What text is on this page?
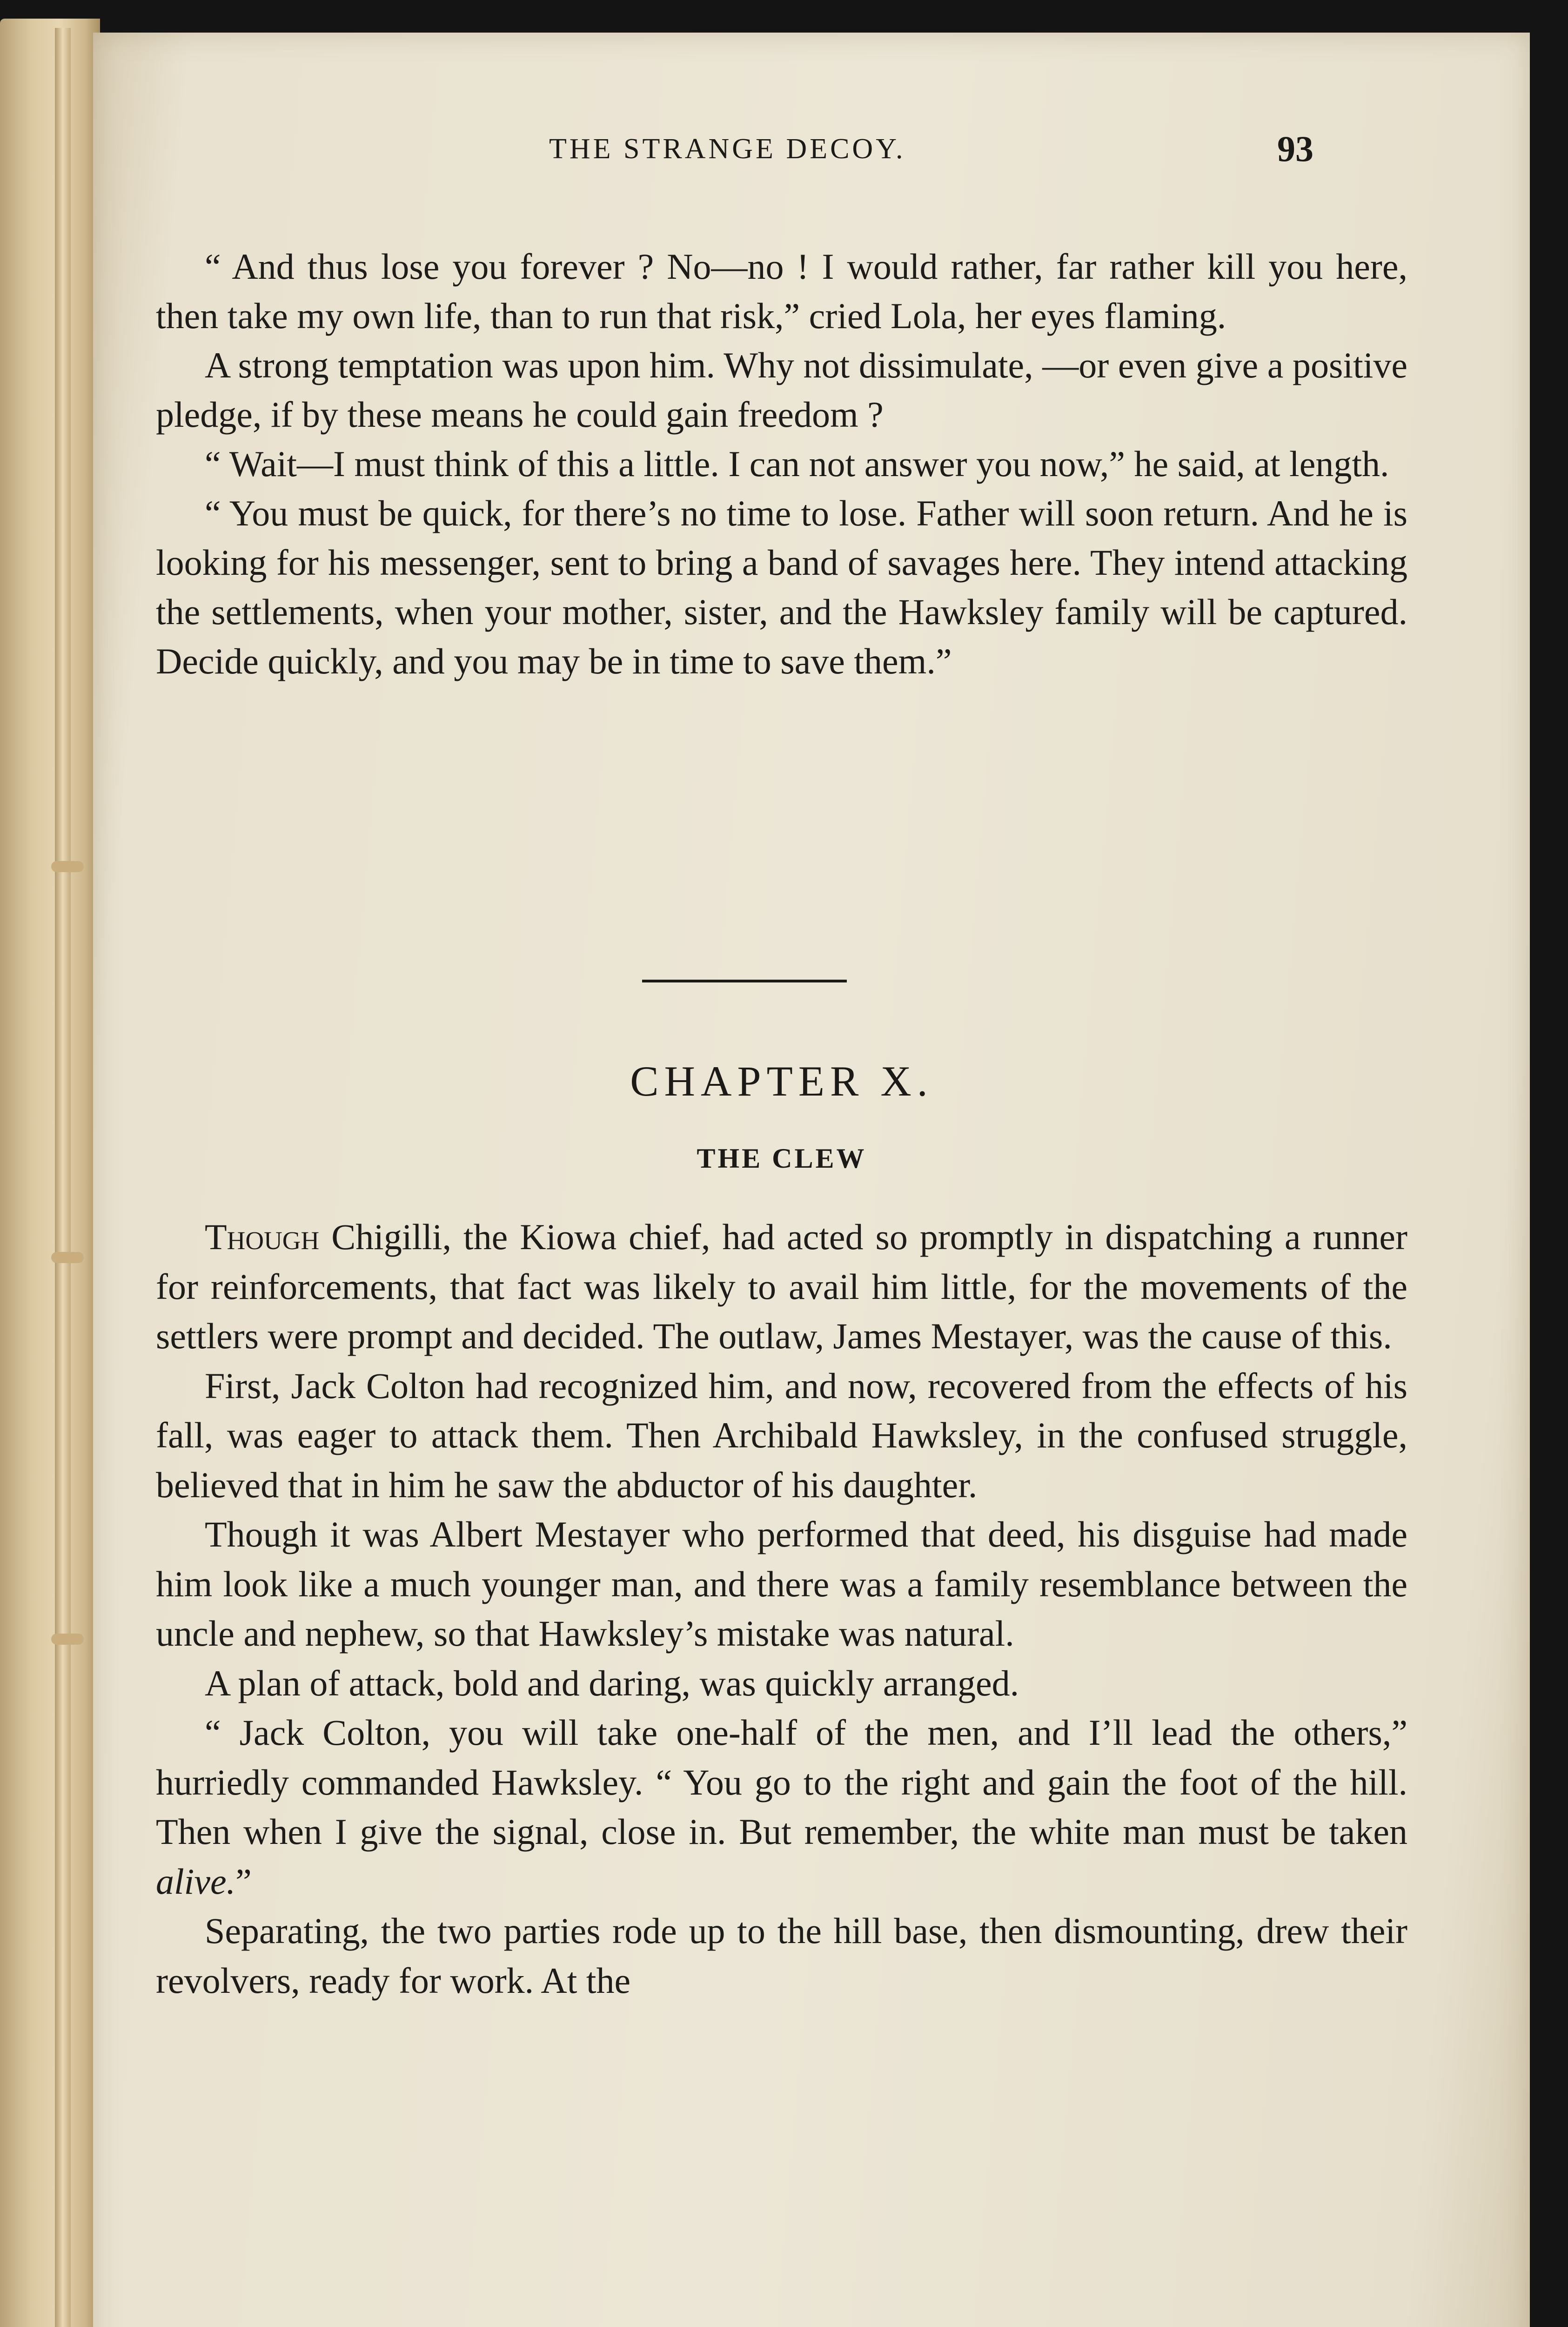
THE STRANGE DECOY.	93

“ And thus lose you forever ? No—no ! I would rather, far rather kill you here, then take my own life, than to run that risk,” cried Lola, her eyes flaming.

A strong temptation was upon him. Why not dissimulate, —or even give a positive pledge, if by these means he could gain freedom ?

“ Wait—I must think of this a little. I can not answer you now,” he said, at length.

“ You must be quick, for there’s no time to lose. Father will soon return. And he is looking for his messenger, sent to bring a band of savages here. They intend attacking the settlements, when your mother, sister, and the Hawksley family will be captured. Decide quickly, and you may be in time to save them.”

CHAPTER X.
THE CLEW

Though Chigilli, the Kiowa chief, had acted so promptly in dispatching a runner for reinforcements, that fact was likely to avail him little, for the movements of the settlers were prompt and decided. The outlaw, James Mestayer, was the cause of this.

First, Jack Colton had recognized him, and now, recovered from the effects of his fall, was eager to attack them. Then Archibald Hawksley, in the confused struggle, believed that in him he saw the abductor of his daughter.

Though it was Albert Mestayer who performed that deed, his disguise had made him look like a much younger man, and there was a family resemblance between the uncle and nephew, so that Hawksley’s mistake was natural.

A plan of attack, bold and daring, was quickly arranged.

“ Jack Colton, you will take one-half of the men, and I’ll lead the others,” hurriedly commanded Hawksley. “ You go to the right and gain the foot of the hill. Then when I give the signal, close in. But remember, the white man must be taken alive.”

Separating, the two parties rode up to the hill base, then dismounting, drew their revolvers, ready for work. At the
